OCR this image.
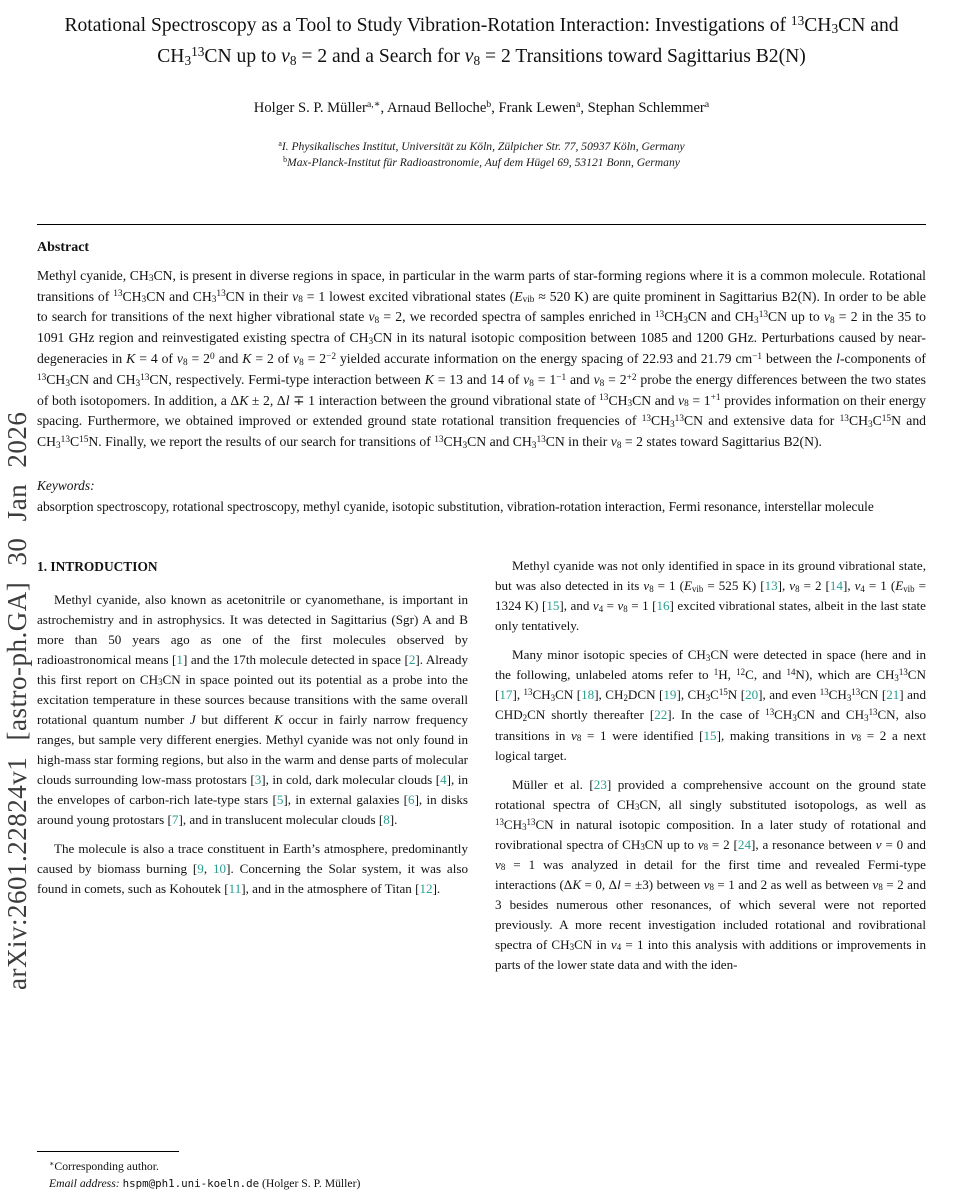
arXiv:2601.22824v1 [astro-ph.GA] 30 Jan 2026
Rotational Spectroscopy as a Tool to Study Vibration-Rotation Interaction: Investigations of $^{13}CH_3CN$ and $CH_3^{13}CN$ up to $v_8 = 2$ and a Search for $v_8 = 2$ Transitions toward Sagittarius B2(N)
Holger S. P. Müller$^{a,∗}$, Arnaud Belloche$^b$, Frank Lewen$^a$, Stephan Schlemmer$^a$
$^a$I. Physikalisches Institut, Universität zu Köln, Zülpicher Str. 77, 50937 Köln, Germany
$^b$Max-Planck-Institut für Radioastronomie, Auf dem Hügel 69, 53121 Bonn, Germany
Abstract

Methyl cyanide, $CH_3CN$, is present in diverse regions in space, in particular in the warm parts of star-forming regions where it is a common molecule. Rotational transitions of $^{13}CH_3CN$ and $CH_3^{13}CN$ in their $v_8 = 1$ lowest excited vibrational states ($E_{vib} \approx 520$ K) are quite prominent in Sagittarius B2(N). In order to be able to search for transitions of the next higher vibrational state $v_8 = 2$, we recorded spectra of samples enriched in $^{13}CH_3CN$ and $CH_3^{13}CN$ up to $v_8 = 2$ in the 35 to 1091 GHz region and reinvestigated existing spectra of $CH_3CN$ in its natural isotopic composition between 1085 and 1200 GHz. Perturbations caused by near-degeneracies in K = 4 of $v_8 = 2^0$ and K = 2 of $v_8 = 2^{-2}$ yielded accurate information on the energy spacing of 22.93 and 21.79 $cm^{-1}$ between the l-components of $^{13}CH_3CN$ and $CH_3^{13}CN$, respectively. Fermi-type interaction between K = 13 and 14 of $v_8 = 1^{-1}$ and $v_8 = 2^{+2}$ probe the energy differences between the two states of both isotopomers. In addition, a ΔK ± 2, Δl ∓ 1 interaction between the ground vibrational state of $^{13}CH_3CN$ and $v_8 = 1^{+1}$ provides information on their energy spacing. Furthermore, we obtained improved or extended ground state rotational transition frequencies of $^{13}CH_3^{13}CN$ and extensive data for $^{13}CH_3C^{15}N$ and $CH_3^{13}C^{15}N$. Finally, we report the results of our search for transitions of $^{13}CH_3CN$ and $CH_3^{13}CN$ in their $v_8 = 2$ states toward Sagittarius B2(N).

Keywords:

absorption spectroscopy, rotational spectroscopy, methyl cyanide, isotopic substitution, vibration-rotation interaction, Fermi resonance, interstellar molecule

1. INTRODUCTION

Methyl cyanide, also known as acetonitrile or cyanomethane, is important in astrochemistry and in astrophysics. It was detected in Sagittarius (Sgr) A and B more than 50 years ago as one of the first molecules observed by radioastronomical means [1] and the 17th molecule detected in space [2]. Already this first report on $CH_3CN$ in space pointed out its potential as a probe into the excitation temperature in these sources because transitions with the same overall rotational quantum number J but different K occur in fairly narrow frequency ranges, but sample very different energies. Methyl cyanide was not only found in high-mass star forming regions, but also in the warm and dense parts of molecular clouds surrounding low-mass protostars [3], in cold, dark molecular clouds [4], in the envelopes of carbon-rich late-type stars [5], in external galaxies [6], in disks around young protostars [7], and in translucent molecular clouds [8].

The molecule is also a trace constituent in Earth’s atmosphere, predominantly caused by biomass burning [9, 10]. Concerning the Solar system, it was also found in comets, such as Kohoutek [11], and in the atmosphere of Titan [12].

Methyl cyanide was not only identified in space in its ground vibrational state, but was also detected in its $v_8 = 1$ ($E_{vib} = 525$ K) [13], $v_8 = 2$ [14], $v_4 = 1$ ($E_{vib} = 1324$ K) [15], and $v_4 = v_8 = 1$ [16] excited vibrational states, albeit in the last state only tentatively.

Many minor isotopic species of $CH_3CN$ were detected in space (here and in the following, unlabeled atoms refer to $^1$H, $^{12}$C, and $^{14}$N), which are $CH_3^{13}CN$ [17], $^{13}CH_3CN$ [18], $CH_2DCN$ [19], $CH_3C^{15}N$ [20], and even $^{13}CH_3^{13}CN$ [21] and $CHD_2CN$ shortly thereafter [22]. In the case of $^{13}CH_3CN$ and $CH_3^{13}CN$, also transitions in $v_8 = 1$ were identified [15], making transitions in $v_8 = 2$ a next logical target.

Müller et al. [23] provided a comprehensive account on the ground state rotational spectra of $CH_3CN$, all singly substituted isotopologs, as well as $^{13}CH_3^{13}CN$ in natural isotopic composition. In a later study of rotational and rovibrational spectra of $CH_3CN$ up to $v_8 = 2$ [24], a resonance between v = 0 and $v_8 = 1$ was analyzed in detail for the first time and revealed Fermi-type interactions (ΔK = 0, Δl = ±3) between $v_8 = 1$ and 2 as well as between $v_8 = 2$ and 3 besides numerous other resonances, of which several were not reported previously. A more recent investigation included rotational and rovibrational spectra of $CH_3CN$ in $v_4 = 1$ into this analysis with additions or improvements in parts of the lower state data and with the iden-

∗Corresponding author.

Email address: hspm@ph1.uni-koeln.de (Holger S. P. Müller)
